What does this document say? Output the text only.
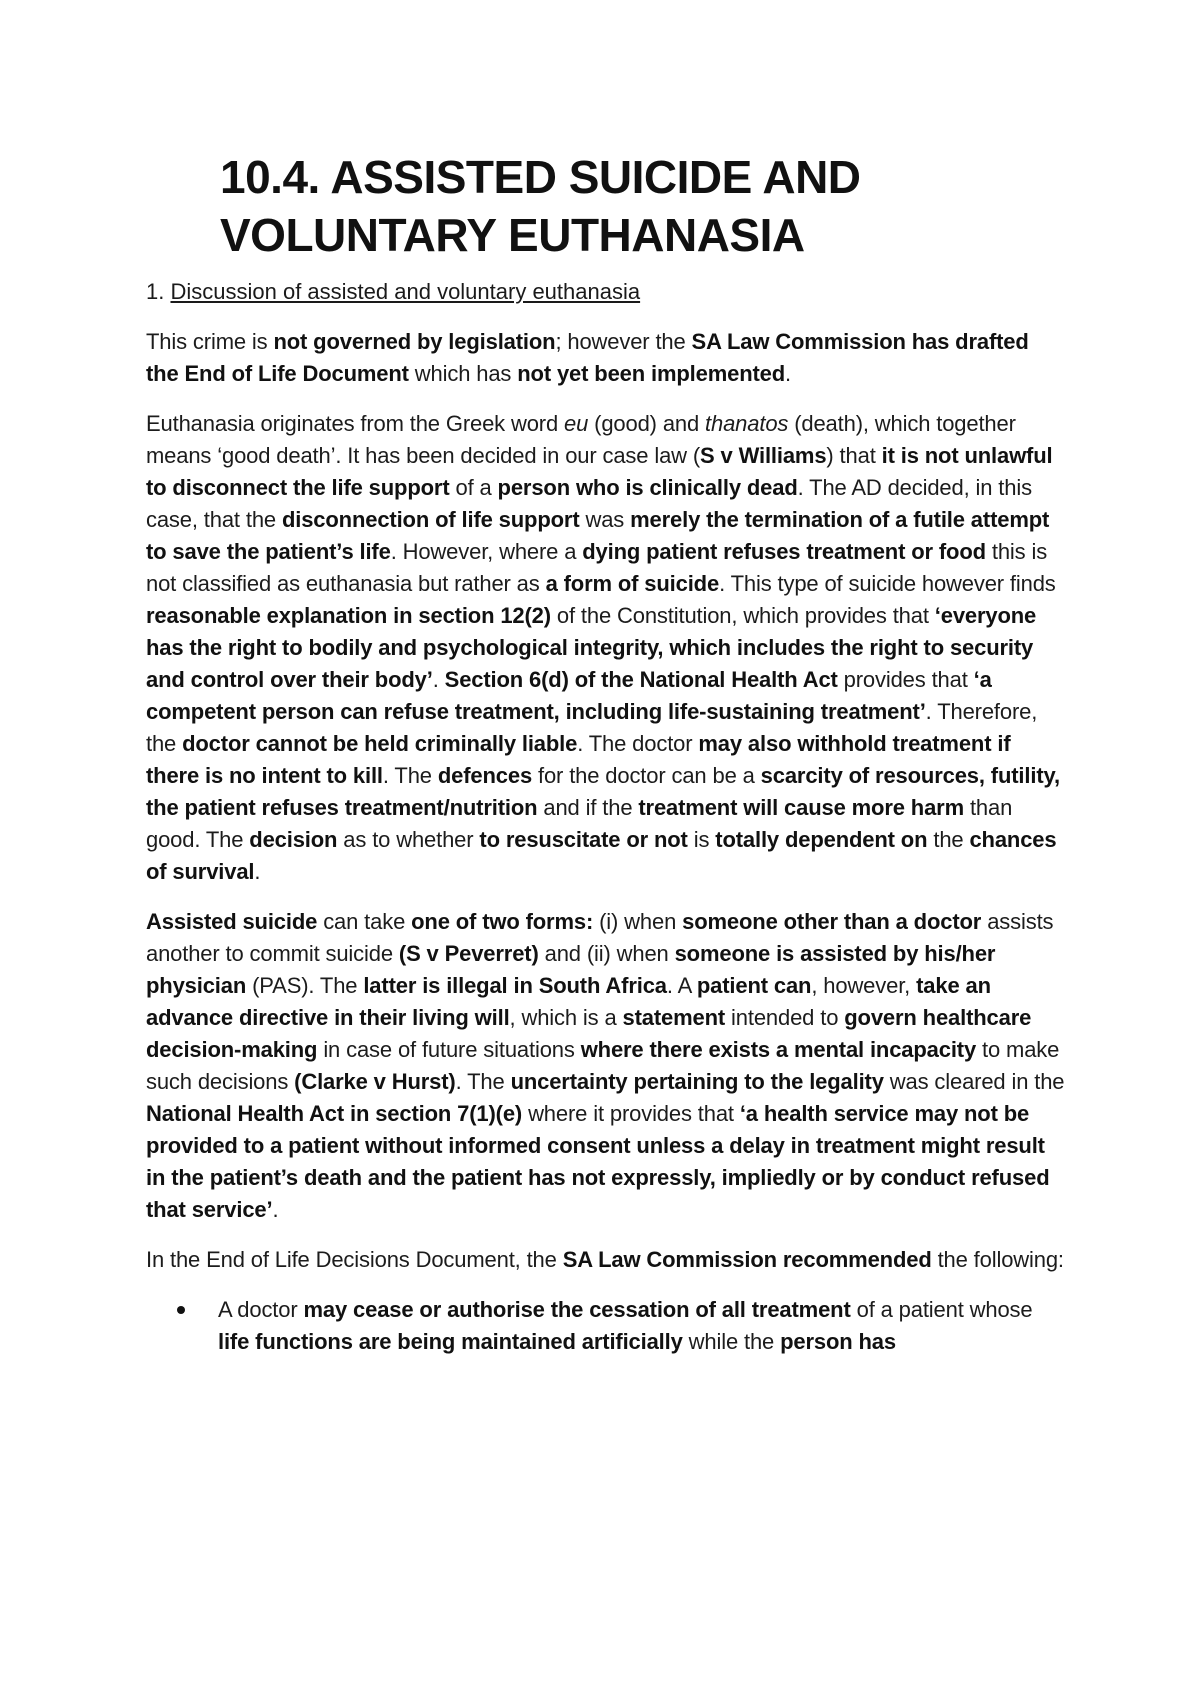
10.4. ASSISTED SUICIDE AND
VOLUNTARY EUTHANASIA
1. Discussion of assisted and voluntary euthanasia

This crime is not governed by legislation; however the SA Law Commission has drafted the End of Life Document which has not yet been implemented.

Euthanasia originates from the Greek word eu (good) and thanatos (death), which together means ‘good death’. It has been decided in our case law (S v Williams) that it is not unlawful to disconnect the life support of a person who is clinically dead. The AD decided, in this case, that the disconnection of life support was merely the termination of a futile attempt to save the patient’s life. However, where a dying patient refuses treatment or food this is not classified as euthanasia but rather as a form of suicide. This type of suicide however finds reasonable explanation in section 12(2) of the Constitution, which provides that ‘everyone has the right to bodily and psychological integrity, which includes the right to security and control over their body’. Section 6(d) of the National Health Act provides that ‘a competent person can refuse treatment, including life-sustaining treatment’. Therefore, the doctor cannot be held criminally liable. The doctor may also withhold treatment if there is no intent to kill. The defences for the doctor can be a scarcity of resources, futility, the patient refuses treatment/nutrition and if the treatment will cause more harm than good. The decision as to whether to resuscitate or not is totally dependent on the chances of survival.

Assisted suicide can take one of two forms: (i) when someone other than a doctor assists another to commit suicide (S v Peverret) and (ii) when someone is assisted by his/her physician (PAS). The latter is illegal in South Africa. A patient can, however, take an advance directive in their living will, which is a statement intended to govern healthcare decision-making in case of future situations where there exists a mental incapacity to make such decisions (Clarke v Hurst). The uncertainty pertaining to the legality was cleared in the National Health Act in section 7(1)(e) where it provides that ‘a health service may not be provided to a patient without informed consent unless a delay in treatment might result in the patient’s death and the patient has not expressly, impliedly or by conduct refused that service’.

In the End of Life Decisions Document, the SA Law Commission recommended the following:

A doctor may cease or authorise the cessation of all treatment of a patient whose life functions are being maintained artificially while the person has
